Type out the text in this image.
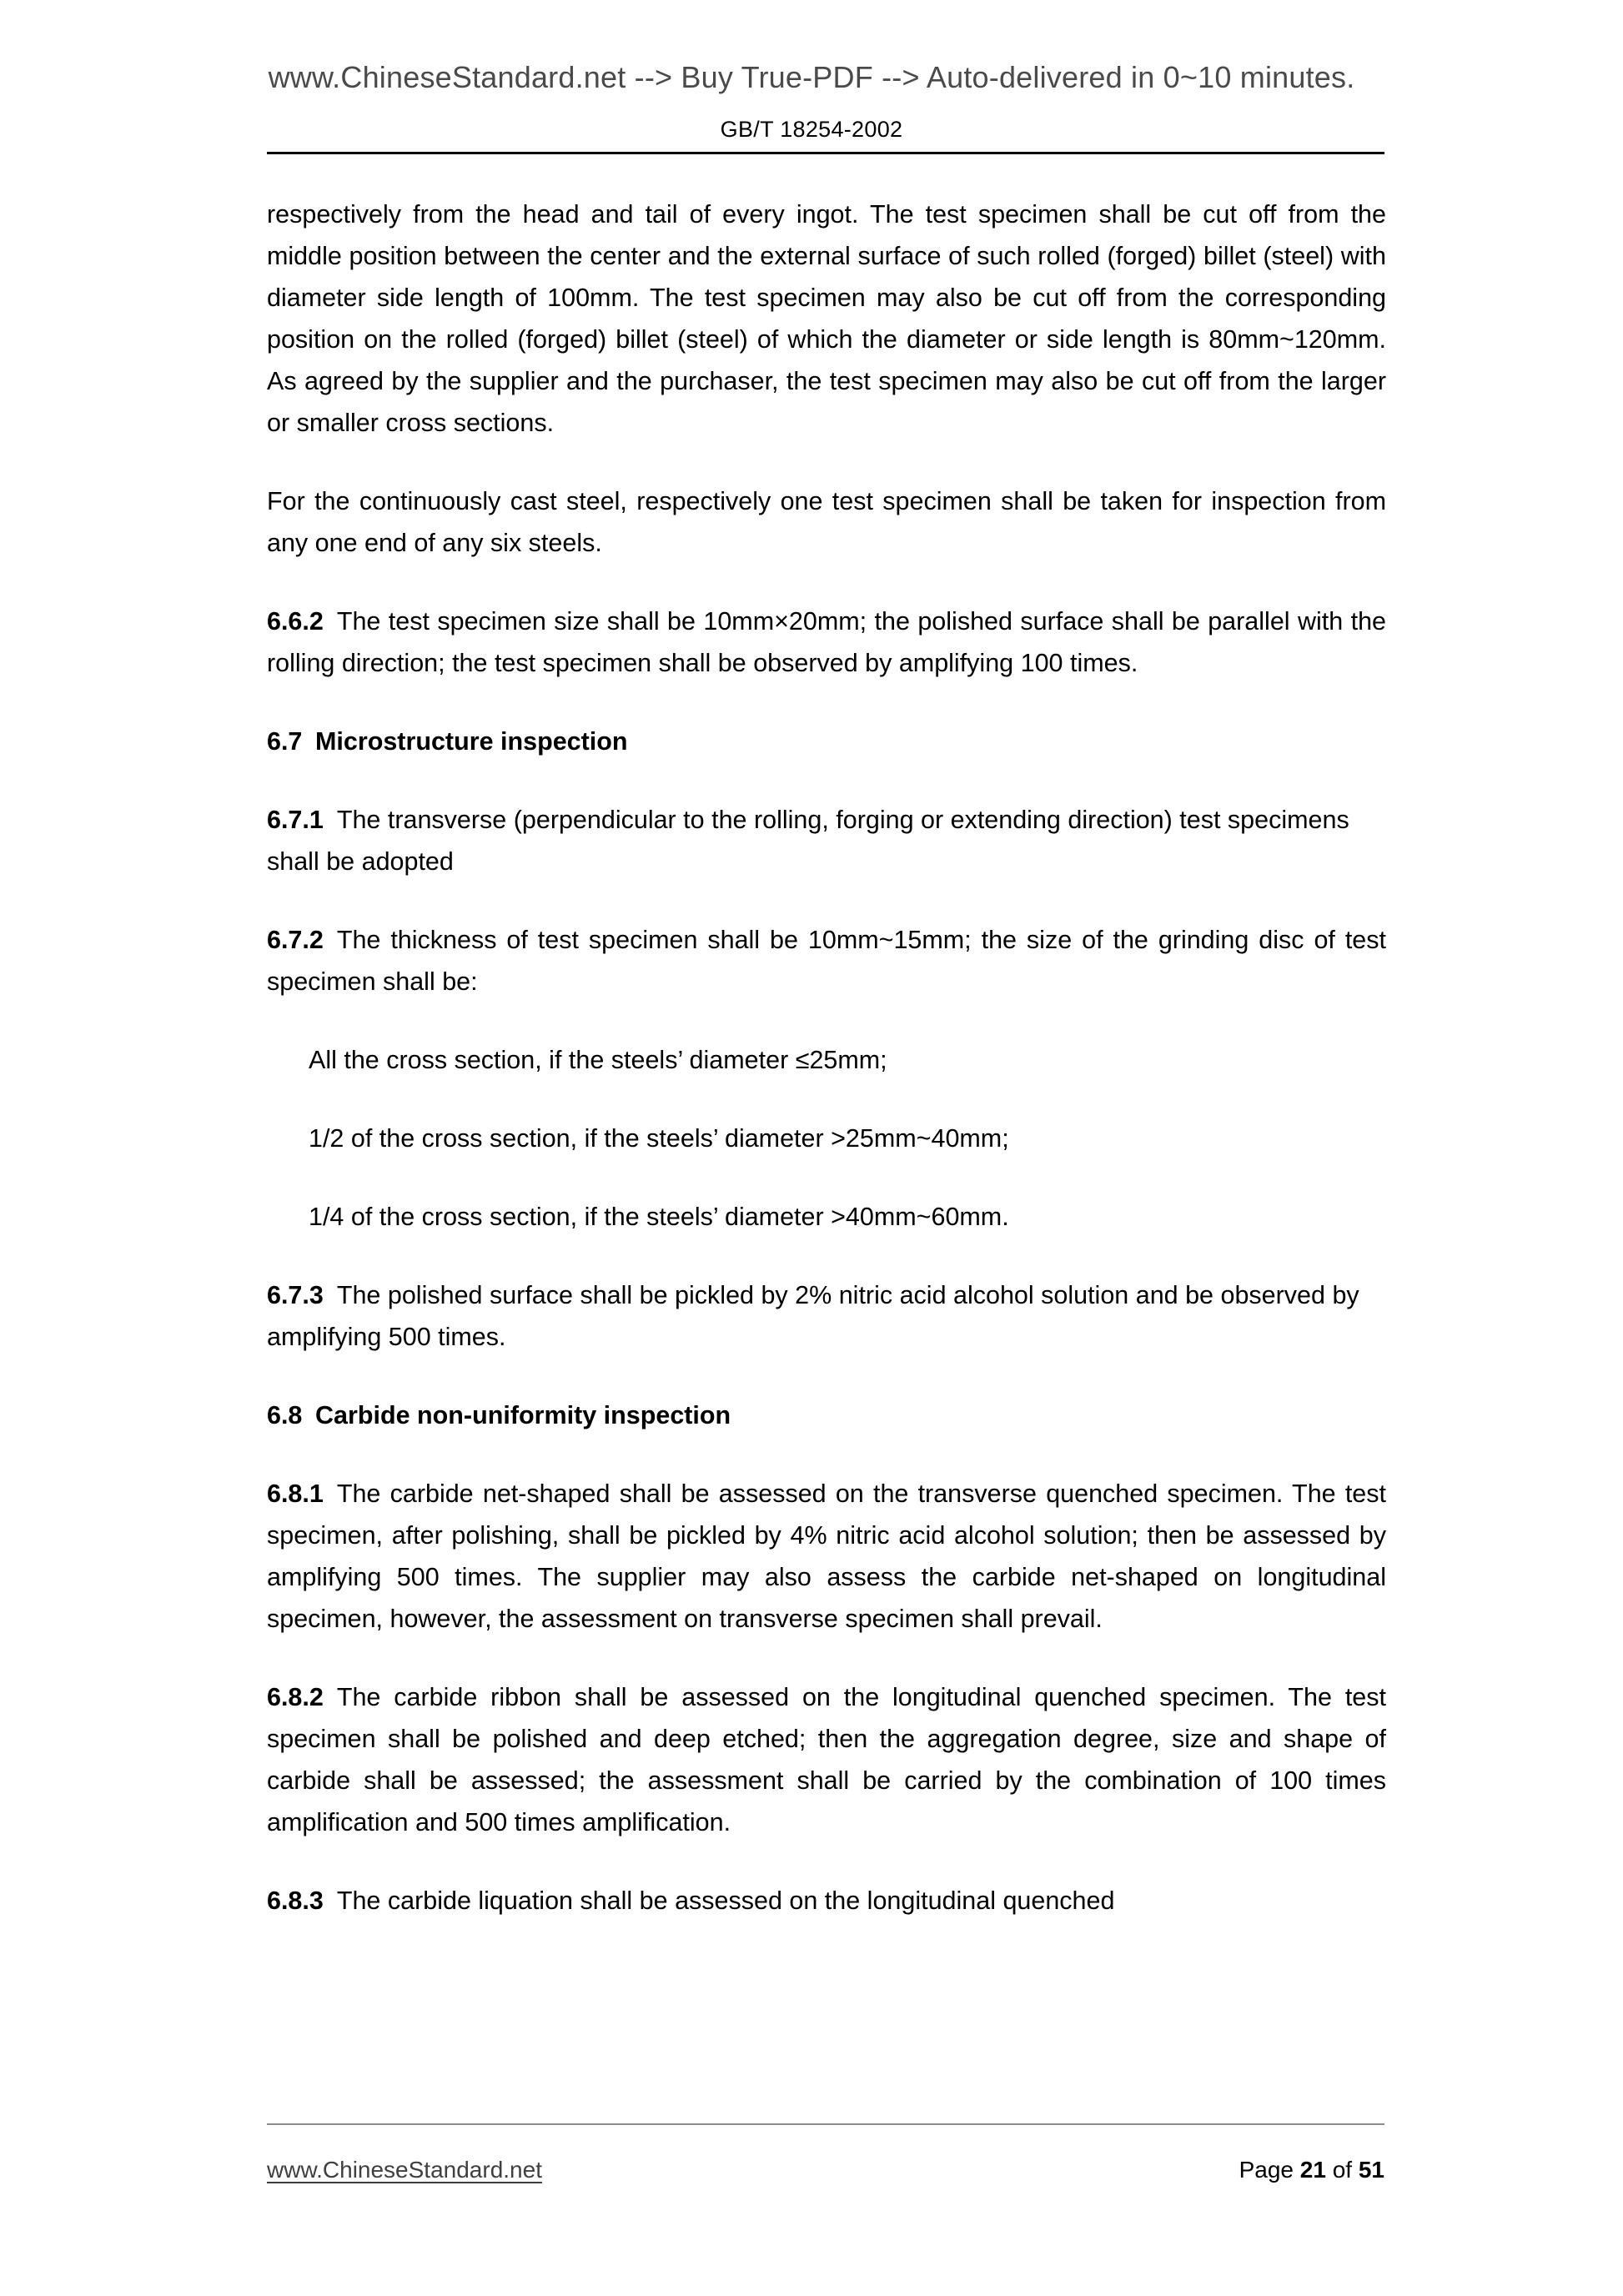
www.ChineseStandard.net --> Buy True-PDF --> Auto-delivered in 0~10 minutes.
GB/T 18254-2002

respectively from the head and tail of every ingot. The test specimen shall be cut off from the middle position between the center and the external surface of such rolled (forged) billet (steel) with diameter side length of 100mm. The test specimen may also be cut off from the corresponding position on the rolled (forged) billet (steel) of which the diameter or side length is 80mm~120mm. As agreed by the supplier and the purchaser, the test specimen may also be cut off from the larger or smaller cross sections.

For the continuously cast steel, respectively one test specimen shall be taken for inspection from any one end of any six steels.

6.6.2 The test specimen size shall be 10mm×20mm; the polished surface shall be parallel with the rolling direction; the test specimen shall be observed by amplifying 100 times.

6.7 Microstructure inspection

6.7.1 The transverse (perpendicular to the rolling, forging or extending direction) test specimens shall be adopted

6.7.2 The thickness of test specimen shall be 10mm~15mm; the size of the grinding disc of test specimen shall be:

All the cross section, if the steels’ diameter ≤25mm;

1/2 of the cross section, if the steels’ diameter >25mm~40mm;

1/4 of the cross section, if the steels’ diameter >40mm~60mm.

6.7.3 The polished surface shall be pickled by 2% nitric acid alcohol solution and be observed by amplifying 500 times.

6.8 Carbide non-uniformity inspection

6.8.1 The carbide net-shaped shall be assessed on the transverse quenched specimen. The test specimen, after polishing, shall be pickled by 4% nitric acid alcohol solution; then be assessed by amplifying 500 times. The supplier may also assess the carbide net-shaped on longitudinal specimen, however, the assessment on transverse specimen shall prevail.

6.8.2 The carbide ribbon shall be assessed on the longitudinal quenched specimen. The test specimen shall be polished and deep etched; then the aggregation degree, size and shape of carbide shall be assessed; the assessment shall be carried by the combination of 100 times amplification and 500 times amplification.

6.8.3 The carbide liquation shall be assessed on the longitudinal quenched

www.ChineseStandard.net	Page 21 of 51
